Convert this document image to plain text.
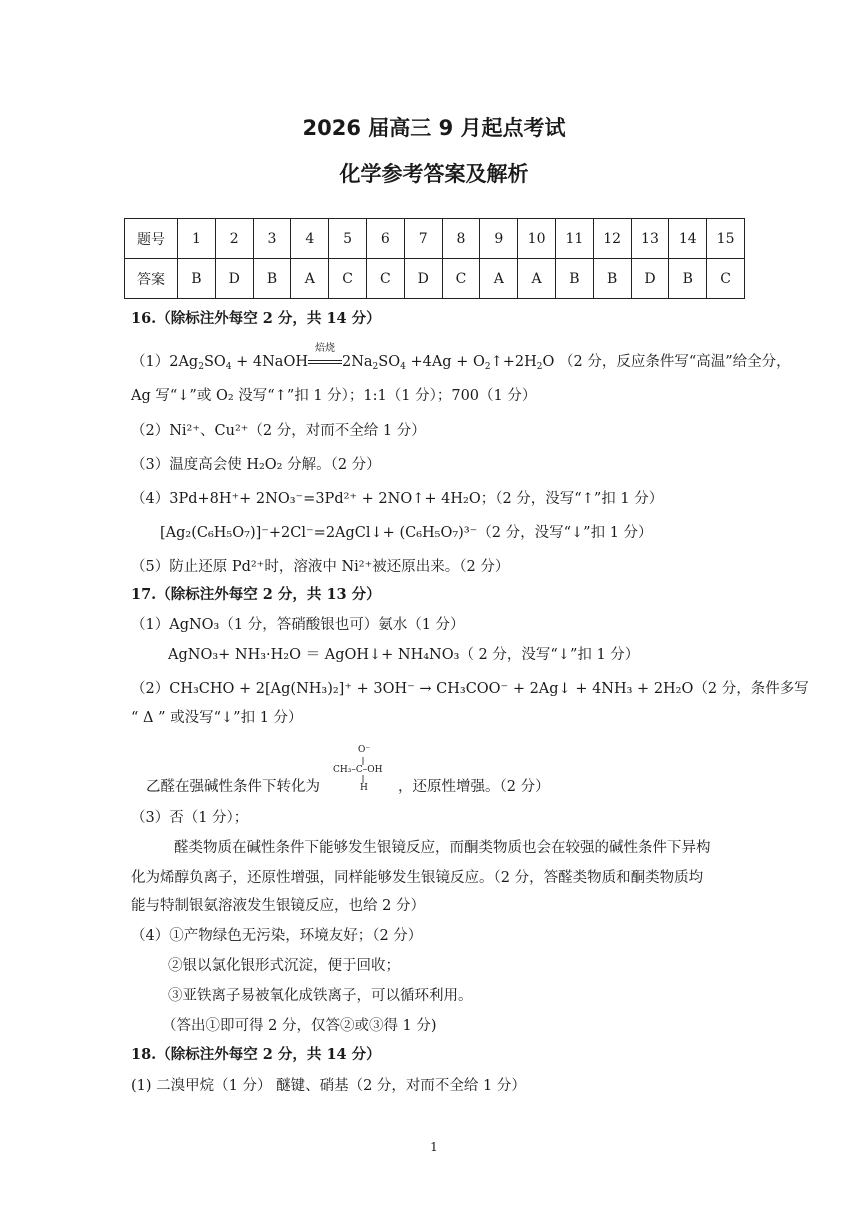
2026 届高三 9 月起点考试
化学参考答案及解析
题号	1	2	3	4	5	6	7	8	9	10	11	12	13	14	15
答案	B	D	B	A	C	C	D	C	A	A	B	B	D	B	C
16.（除标注外每空 2 分，共 14 分）
$(1)2Ag_2SO_4$ + 4NaOH
焙烧
$2Na_2SO_4 +4Ag$ + $O_2↑+2H_2O$ （2 分，反应条件写“高温”给全分，
Ag 写“↓”或 O₂ 没写“↑”扣 1 分）；1:1（1 分）；700（1 分）
（2）Ni²⁺、Cu²⁺（2 分，对而不全给 1 分）
（3）温度高会使 H₂O₂ 分解。（2 分）
（4）3Pd+8H⁺+ 2NO₃⁻=3Pd²⁺ + 2NO↑+ 4H₂O；（2 分，没写“↑”扣 1 分）
[Ag₂(C₆H₅O₇)]⁻+2Cl⁻=2AgCl↓+ (C₆H₅O₇)³⁻（2 分，没写“↓”扣 1 分）
（5）防止还原 Pd²⁺时，溶液中 Ni²⁺被还原出来。（2 分）
17.（除标注外每空 2 分，共 13 分）
（1）AgNO₃（1 分，答硝酸银也可）氨水（1 分）
AgNO₃+ NH₃·H₂O ＝ AgOH↓+ NH₄NO₃（ 2 分，没写“↓”扣 1 分）
（2）CH₃CHO + 2[Ag(NH₃)₂]⁺ + 3OH⁻ → CH₃COO⁻ + 2Ag↓ + 4NH₃ + 2H₂O（2 分，条件多写
“ Δ ” 或没写“↓”扣 1 分）
乙醛在强碱性条件下转化为
O⁻
CH₃–C–OH
H ，还原性增强。（2 分）
（3）否（1 分）；
醛类物质在碱性条件下能够发生银镜反应，而酮类物质也会在较强的碱性条件下异构
化为烯醇负离子，还原性增强，同样能够发生银镜反应。（2 分，答醛类物质和酮类物质均
能与特制银氨溶液发生银镜反应，也给 2 分）
（4）①产物绿色无污染，环境友好；（2 分）
②银以氯化银形式沉淀，便于回收；
③亚铁离子易被氧化成铁离子，可以循环利用。
（答出①即可得 2 分，仅答②或③得 1 分)
18.（除标注外每空 2 分，共 14 分）
(1) 二溴甲烷（1 分） 醚键、硝基（2 分，对而不全给 1 分）
1
